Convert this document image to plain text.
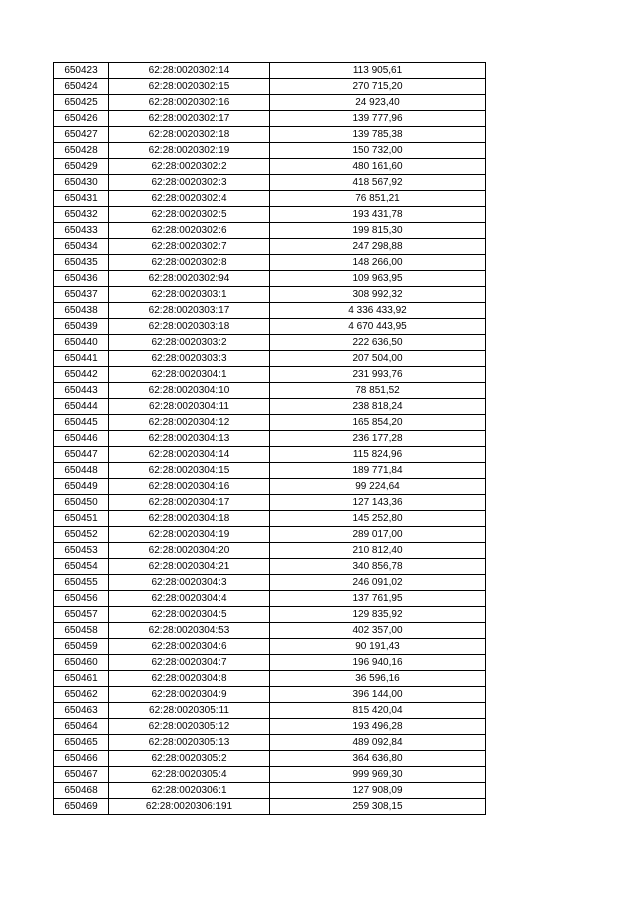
650423	62:28:0020302:14	113 905,61
650424	62:28:0020302:15	270 715,20
650425	62:28:0020302:16	24 923,40
650426	62:28:0020302:17	139 777,96
650427	62:28:0020302:18	139 785,38
650428	62:28:0020302:19	150 732,00
650429	62:28:0020302:2	480 161,60
650430	62:28:0020302:3	418 567,92
650431	62:28:0020302:4	76 851,21
650432	62:28:0020302:5	193 431,78
650433	62:28:0020302:6	199 815,30
650434	62:28:0020302:7	247 298,88
650435	62:28:0020302:8	148 266,00
650436	62:28:0020302:94	109 963,95
650437	62:28:0020303:1	308 992,32
650438	62:28:0020303:17	4 336 433,92
650439	62:28:0020303:18	4 670 443,95
650440	62:28:0020303:2	222 636,50
650441	62:28:0020303:3	207 504,00
650442	62:28:0020304:1	231 993,76
650443	62:28:0020304:10	78 851,52
650444	62:28:0020304:11	238 818,24
650445	62:28:0020304:12	165 854,20
650446	62:28:0020304:13	236 177,28
650447	62:28:0020304:14	115 824,96
650448	62:28:0020304:15	189 771,84
650449	62:28:0020304:16	99 224,64
650450	62:28:0020304:17	127 143,36
650451	62:28:0020304:18	145 252,80
650452	62:28:0020304:19	289 017,00
650453	62:28:0020304:20	210 812,40
650454	62:28:0020304:21	340 856,78
650455	62:28:0020304:3	246 091,02
650456	62:28:0020304:4	137 761,95
650457	62:28:0020304:5	129 835,92
650458	62:28:0020304:53	402 357,00
650459	62:28:0020304:6	90 191,43
650460	62:28:0020304:7	196 940,16
650461	62:28:0020304:8	36 596,16
650462	62:28:0020304:9	396 144,00
650463	62:28:0020305:11	815 420,04
650464	62:28:0020305:12	193 496,28
650465	62:28:0020305:13	489 092,84
650466	62:28:0020305:2	364 636,80
650467	62:28:0020305:4	999 969,30
650468	62:28:0020306:1	127 908,09
650469	62:28:0020306:191	259 308,15
